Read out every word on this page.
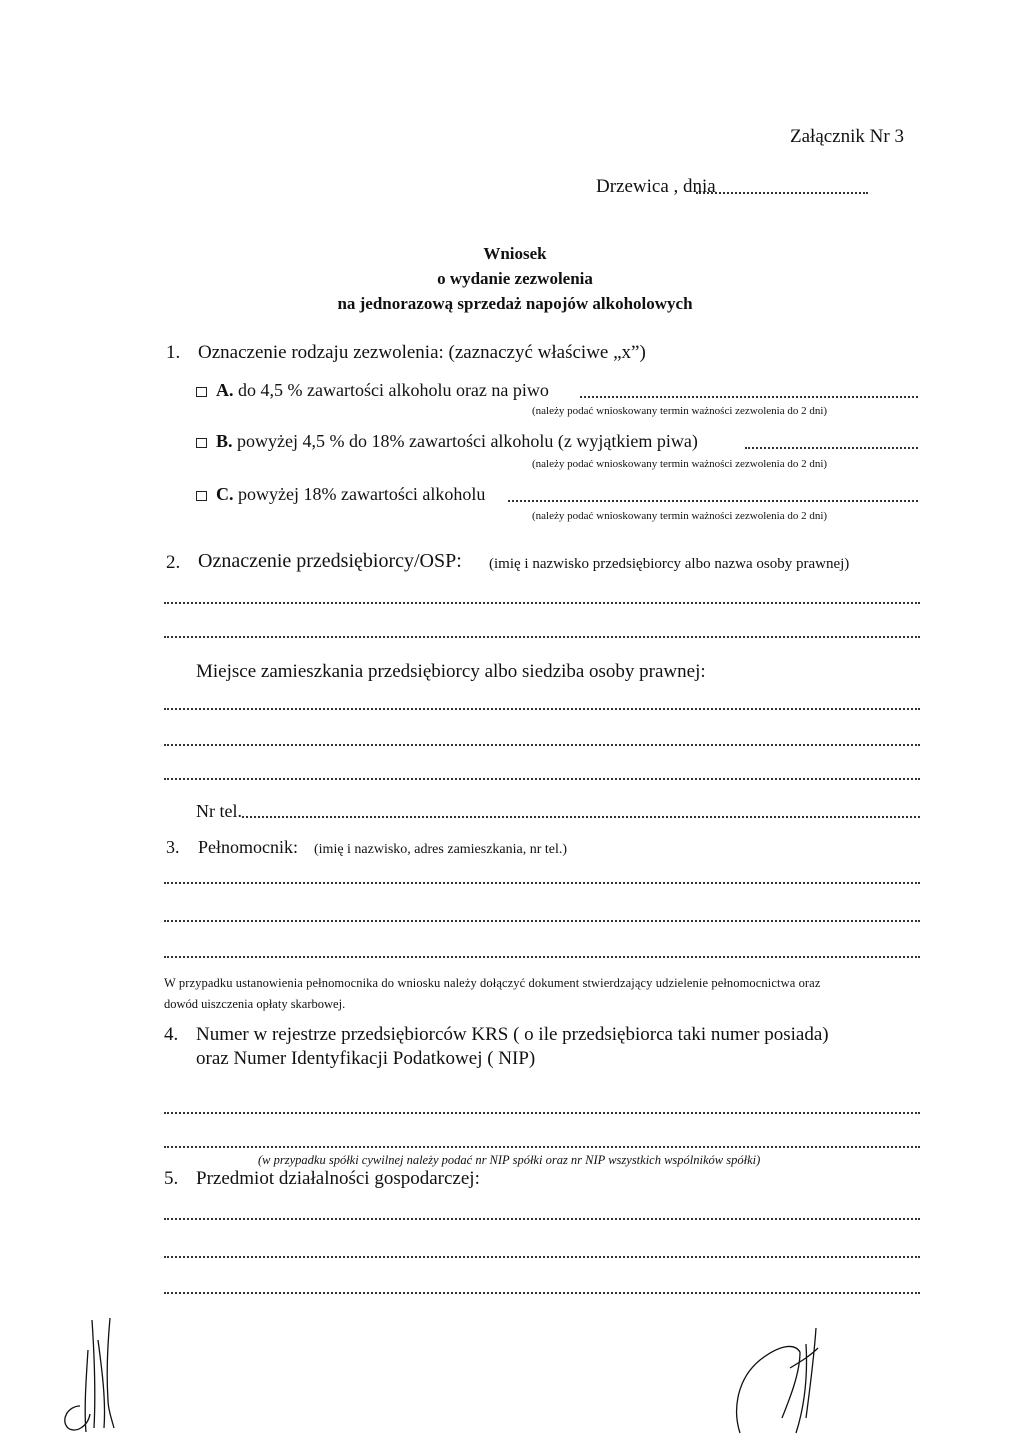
Załącznik Nr 3
Drzewica , dnia
Wniosek
o wydanie zezwolenia
na jednorazową sprzedaż napojów alkoholowych
1. Oznaczenie rodzaju zezwolenia: (zaznaczyć właściwe „x”)
A. do 4,5 % zawartości alkoholu oraz na piwo
(należy podać wnioskowany termin ważności zezwolenia do 2 dni)
B. powyżej 4,5 % do 18% zawartości alkoholu (z wyjątkiem piwa)
(należy podać wnioskowany termin ważności zezwolenia do 2 dni)
C. powyżej 18% zawartości alkoholu
(należy podać wnioskowany termin ważności zezwolenia do 2 dni)
2. Oznaczenie przedsiębiorcy/OSP: (imię i nazwisko przedsiębiorcy albo nazwa osoby prawnej)
Miejsce zamieszkania przedsiębiorcy albo siedziba osoby prawnej:
Nr tel.
3. Pełnomocnik: (imię i nazwisko, adres zamieszkania, nr tel.)
W przypadku ustanowienia pełnomocnika do wniosku należy dołączyć dokument stwierdzający udzielenie pełnomocnictwa oraz
dowód uiszczenia opłaty skarbowej.
4. Numer w rejestrze przedsiębiorców KRS ( o ile przedsiębiorca taki numer posiada)
oraz Numer Identyfikacji Podatkowej ( NIP)
(w przypadku spółki cywilnej należy podać nr NIP spółki oraz nr NIP wszystkich wspólników spółki)
5. Przedmiot działalności gospodarczej:
